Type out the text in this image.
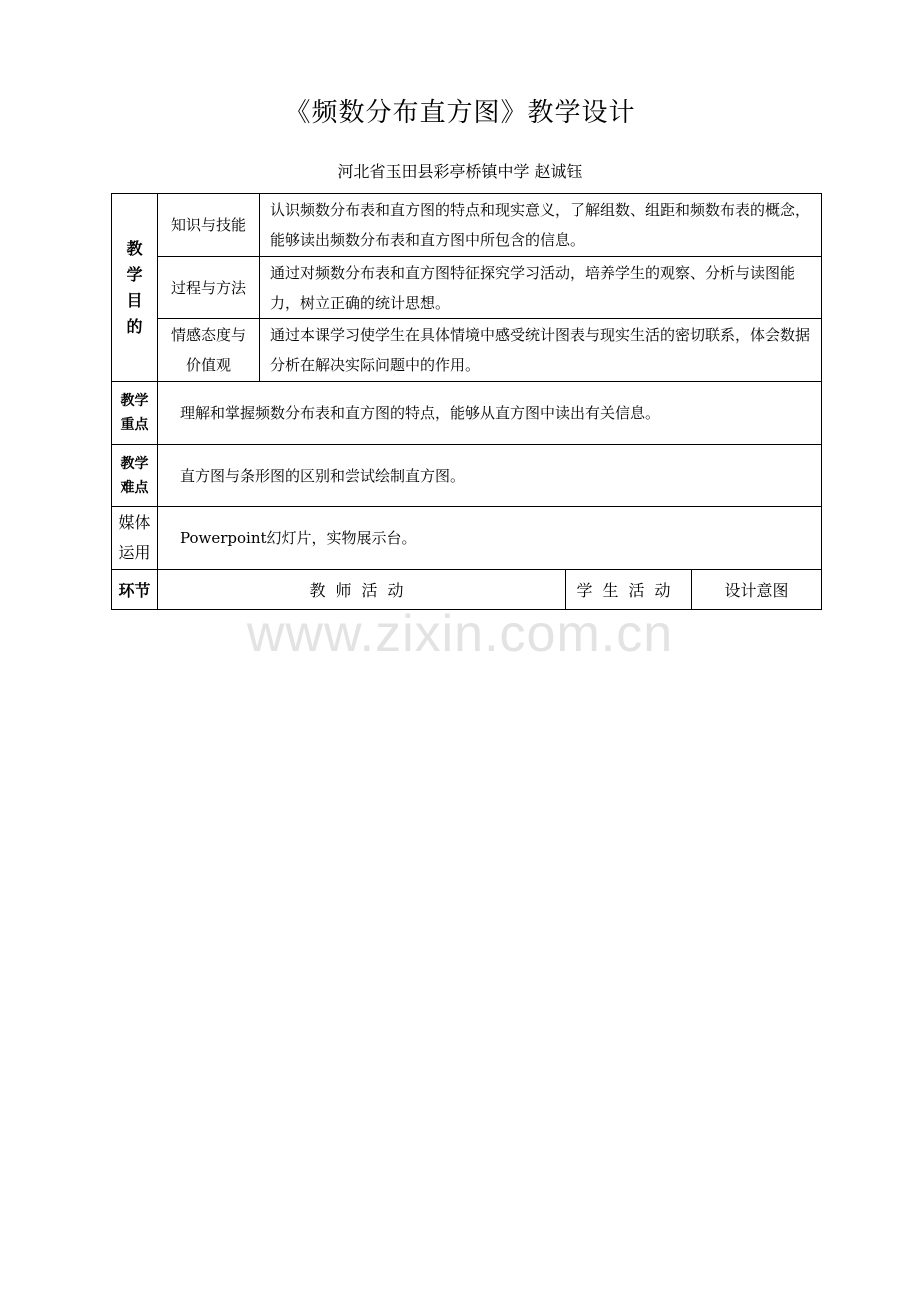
《频数分布直方图》教学设计
河北省玉田县彩亭桥镇中学 赵诚钰
教
学
目
的	知识与技能	认识频数分布表和直方图的特点和现实意义，了解组数、组距和频数布表的概念，能够读出频数分布表和直方图中所包含的信息。		
	过程与方法	通过对频数分布表和直方图特征探究学习活动，培养学生的观察、分析与读图能力，树立正确的统计思想。		

	情感态度与
价值观	通过本课学习使学生在具体情境中感受统计图表与现实生活的密切联系，体会数据分析在解决实际问题中的作用。		

教学
重点	理解和掌握频数分布表和直方图的特点，能够从直方图中读出有关信息。			

教学
难点	直方图与条形图的区别和尝试绘制直方图。			

媒体
运用	Powerpoint幻灯片，实物展示台。			
环节	教师活动		学生活动	设计意图
www.zixin.com.cn
